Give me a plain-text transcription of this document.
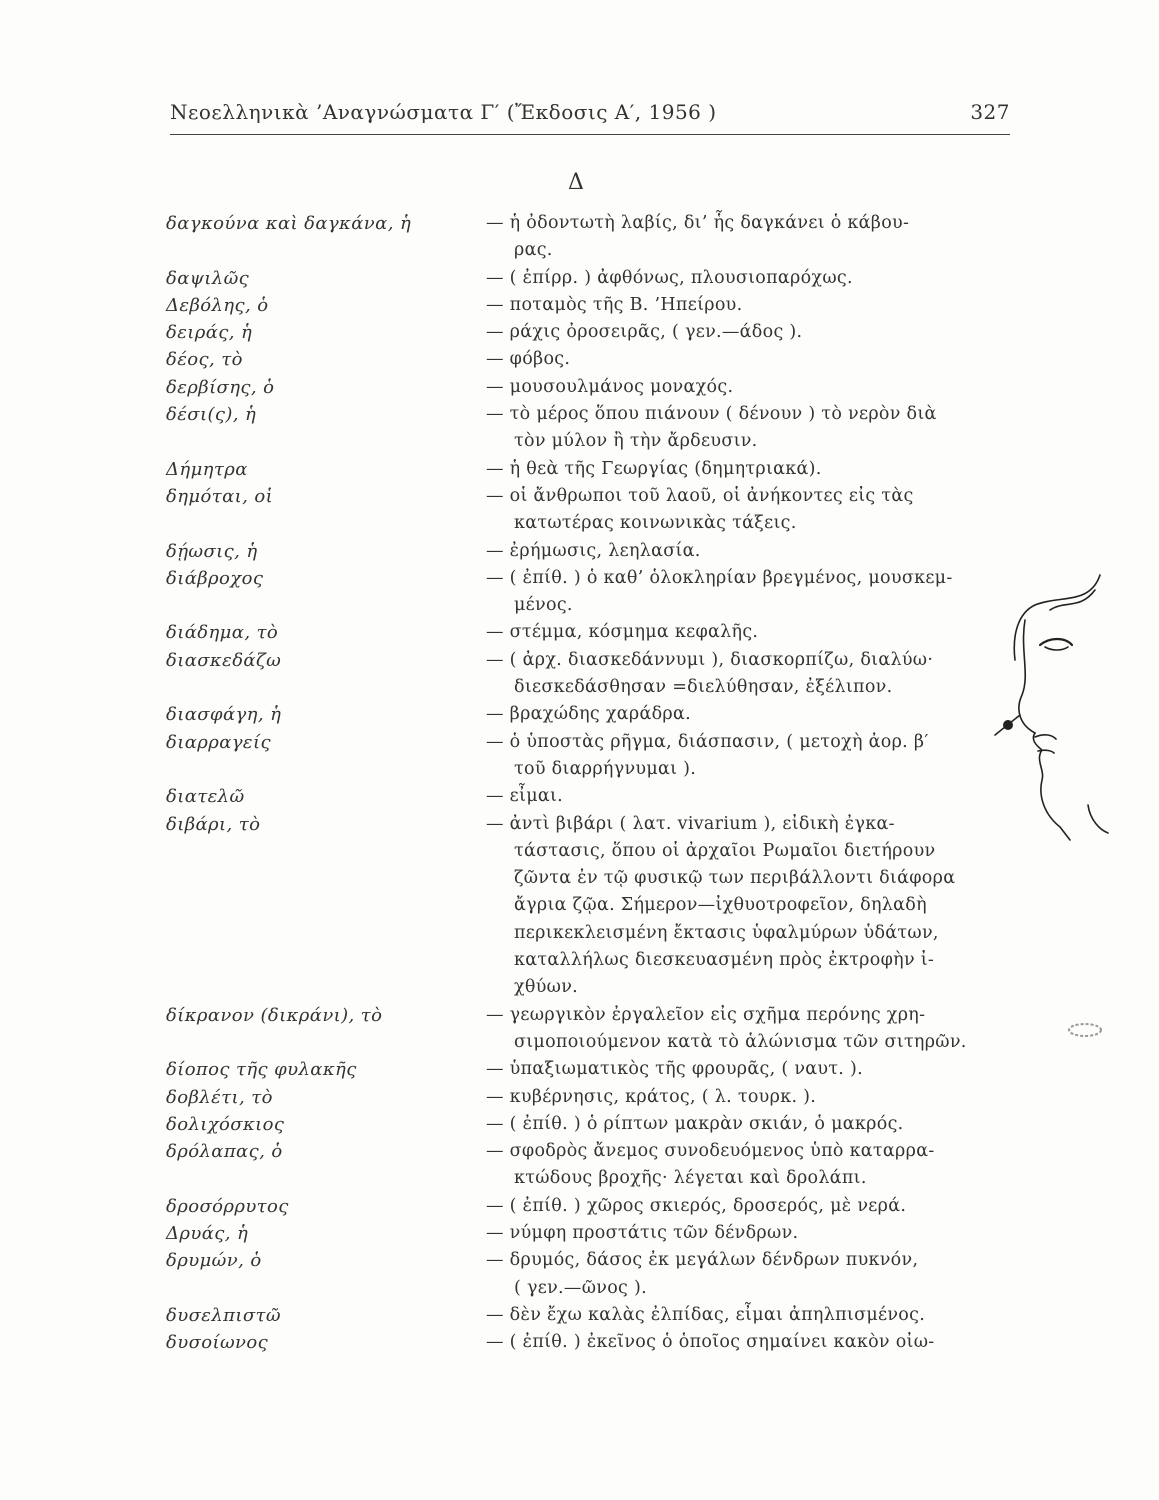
Νεοελληνικὰ ’Αναγνώσματα Γ′ (Ἔκδοσις Α′, 1956 )	327
Δ
δαγκούνα καὶ δαγκάνα, ἡ	— ἡ ὀδοντωτὴ λαβίς, δι’ ἧς δαγκάνει ὁ κάβου-
ρας.
δαψιλῶς	— ( ἐπίρρ. ) ἀφθόνως, πλουσιοπαρόχως.
Δεβόλης, ὁ	— ποταμὸς τῆς Β. ’Ηπείρου.
δειράς, ἡ	— ράχις ὀροσειρᾶς, ( γεν.—άδος ).
δέος, τὸ	— φόβος.
δερβίσης, ὁ	— μουσουλμάνος μοναχός.
δέσι(ς), ἡ	— τὸ μέρος ὅπου πιάνουν ( δένουν ) τὸ νερὸν διὰ
τὸν μύλον ἢ τὴν ἄρδευσιν.
Δήμητρα	— ἡ θεὰ τῆς Γεωργίας (δημητριακά).
δημόται, οἱ	— οἱ ἄνθρωποι τοῦ λαοῦ, οἱ ἀνήκοντες εἰς τὰς
κατωτέρας κοινωνικὰς τάξεις.
δῄωσις, ἡ	— ἐρήμωσις, λεηλασία.
διάβροχος	— ( ἐπίθ. ) ὁ καθ’ ὁλοκληρίαν βρεγμένος, μουσκεμ-
μένος.
διάδημα, τὸ	— στέμμα, κόσμημα κεφαλῆς.
διασκεδάζω	— ( ἀρχ. διασκεδάννυμι ), διασκορπίζω, διαλύω·
διεσκεδάσθησαν =διελύθησαν, ἐξέλιπον.
διασφάγη, ἡ	— βραχώδης χαράδρα.
διαρραγείς	— ὁ ὑποστὰς ρῆγμα, διάσπασιν, ( μετοχὴ ἀορ. β′
τοῦ διαρρήγνυμαι ).
διατελῶ	— εἶμαι.
διβάρι, τὸ	— ἀντὶ βιβάρι ( λατ. vivarium ), εἰδικὴ ἐγκα-
τάστασις, ὅπου οἱ ἀρχαῖοι Ρωμαῖοι διετήρουν
ζῶντα ἐν τῷ φυσικῷ των περιβάλλοντι διάφορα
ἄγρια ζῷα. Σήμερον—ἰχθυοτροφεῖον, δηλαδὴ
περικεκλεισμένη ἔκτασις ὑφαλμύρων ὑδάτων,
καταλλήλως διεσκευασμένη πρὸς ἐκτροφὴν ἰ-
χθύων.
δίκρανον (δικράνι), τὸ	— γεωργικὸν ἐργαλεῖον εἰς σχῆμα περόνης χρη-
σιμοποιούμενον κατὰ τὸ ἁλώνισμα τῶν σιτηρῶν.
δίοπος τῆς φυλακῆς	— ὑπαξιωματικὸς τῆς φρουρᾶς, ( ναυτ. ).
δοβλέτι, τὸ	— κυβέρνησις, κράτος, ( λ. τουρκ. ).
δολιχόσκιος	— ( ἐπίθ. ) ὁ ρίπτων μακρὰν σκιάν, ὁ μακρός.
δρόλαπας, ὁ	— σφοδρὸς ἄνεμος συνοδευόμενος ὑπὸ καταρρα-
κτώδους βροχῆς· λέγεται καὶ δρολάπι.
δροσόρρυτος	— ( ἐπίθ. ) χῶρος σκιερός, δροσερός, μὲ νερά.
Δρυάς, ἡ	— νύμφη προστάτις τῶν δένδρων.
δρυμών, ὁ	— δρυμός, δάσος ἐκ μεγάλων δένδρων πυκνόν,
( γεν.—ῶνος ).
δυσελπιστῶ	— δὲν ἔχω καλὰς ἐλπίδας, εἶμαι ἀπηλπισμένος.
δυσοίωνος	— ( ἐπίθ. ) ἐκεῖνος ὁ ὁποῖος σημαίνει κακὸν οἰω-
